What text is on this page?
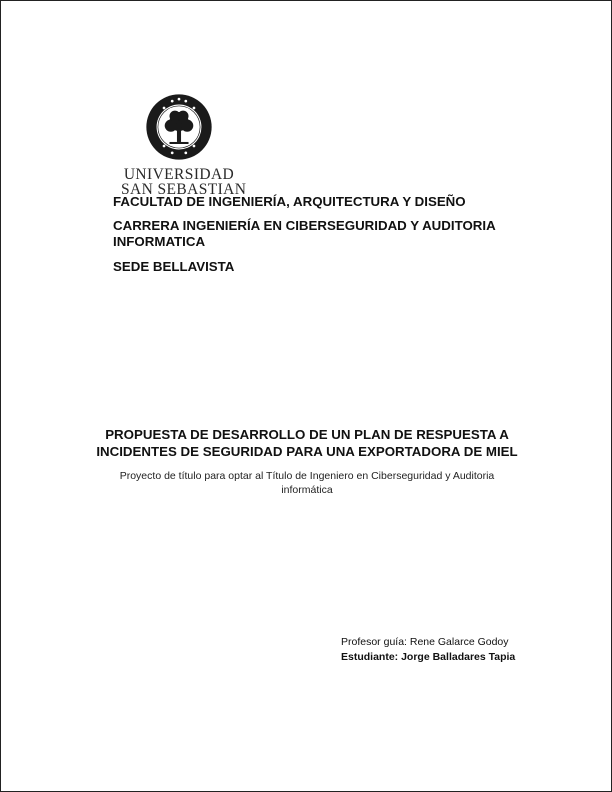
UNIVERSIDAD
SAN SEBASTIAN
FACULTAD DE INGENIERÍA, ARQUITECTURA Y DISEÑO
CARRERA INGENIERÍA EN CIBERSEGURIDAD Y AUDITORIA
INFORMATICA
SEDE BELLAVISTA
PROPUESTA DE DESARROLLO DE UN PLAN DE RESPUESTA A
INCIDENTES DE SEGURIDAD PARA UNA EXPORTADORA DE MIEL
Proyecto de título para optar al Título de Ingeniero en Ciberseguridad y Auditoria
informática
Profesor guía: Rene Galarce Godoy
Estudiante: Jorge Balladares Tapia
